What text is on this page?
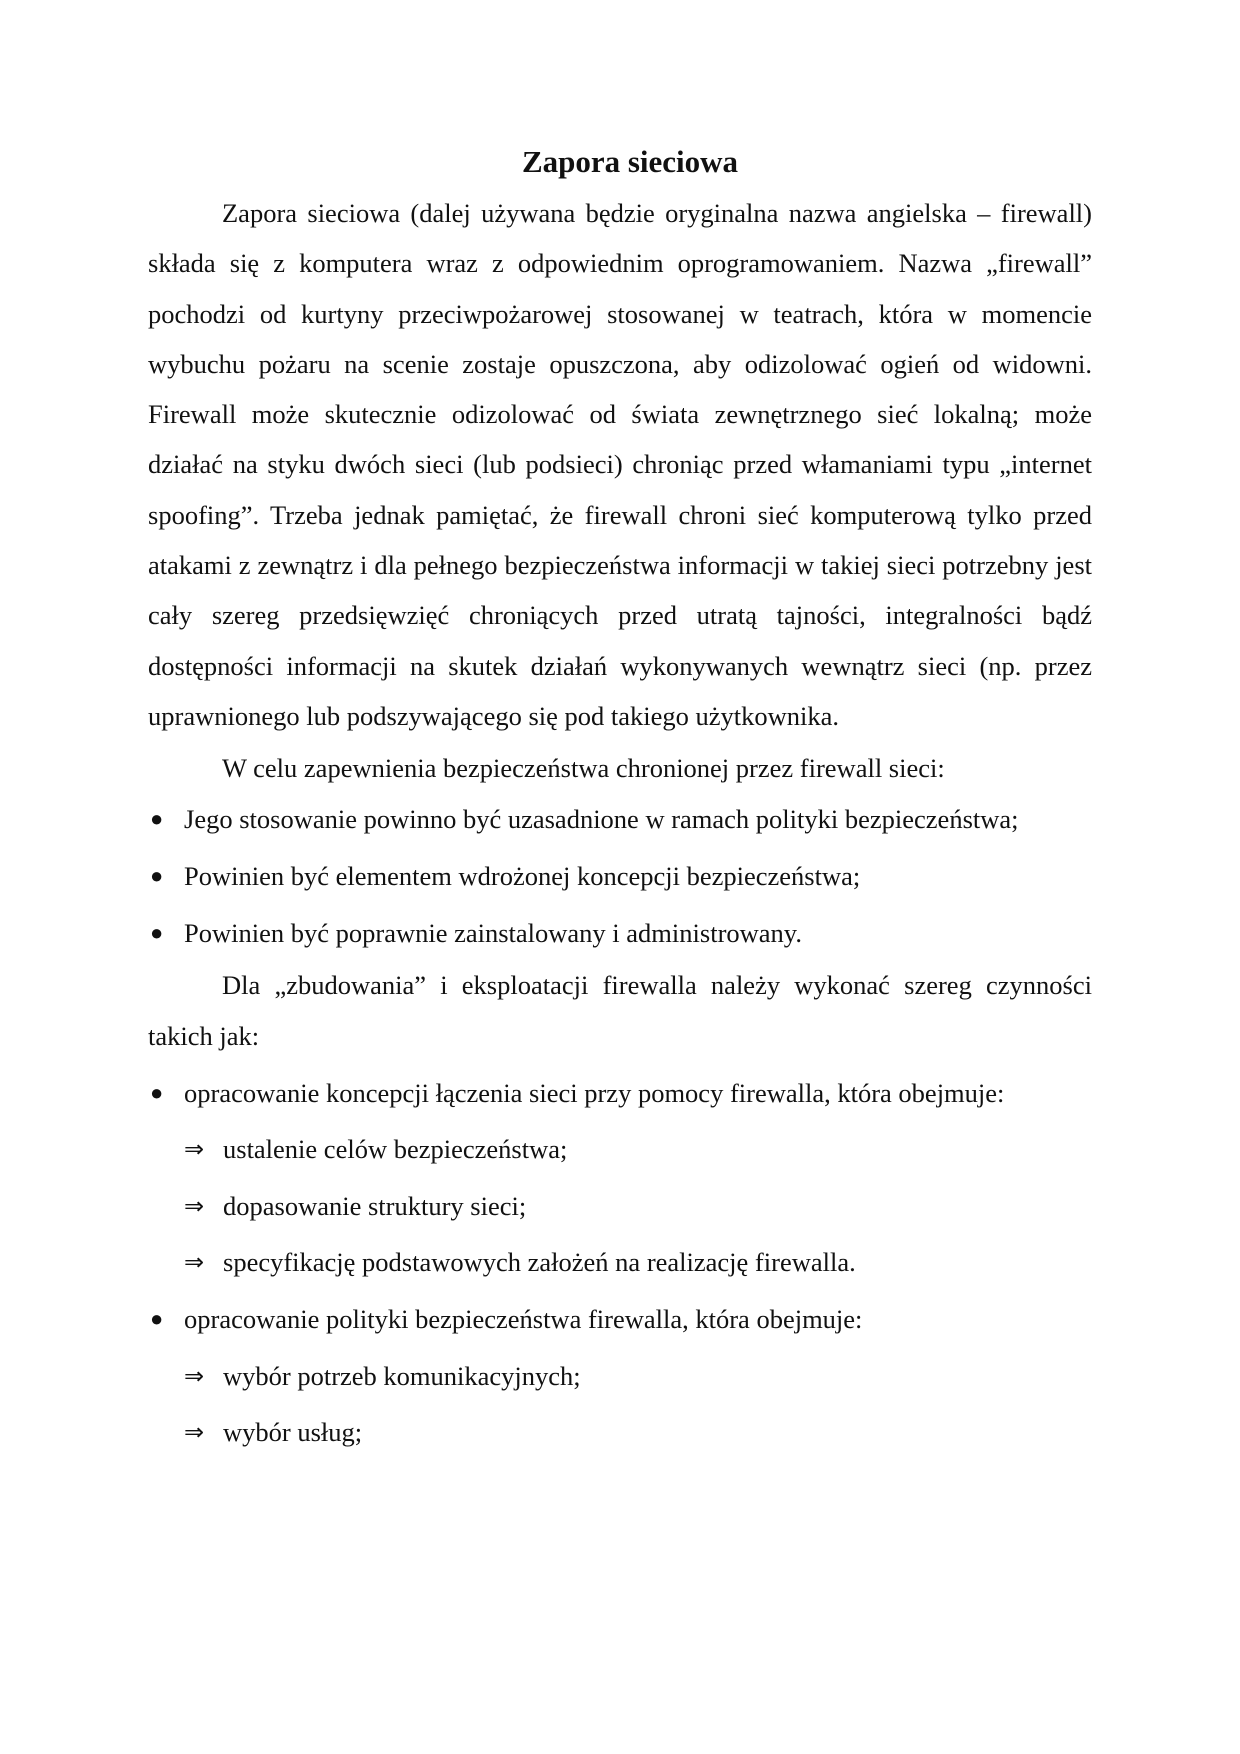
Zapora sieciowa

Zapora sieciowa (dalej używana będzie oryginalna nazwa angielska – firewall) składa się z komputera wraz z odpowiednim oprogramowaniem. Nazwa „firewall” pochodzi od kurtyny przeciwpożarowej stosowanej w teatrach, która w momencie wybuchu pożaru na scenie zostaje opuszczona, aby odizolować ogień od widowni. Firewall może skutecznie odizolować od świata zewnętrznego sieć lokalną; może działać na styku dwóch sieci (lub podsieci) chroniąc przed włamaniami typu „internet spoofing”. Trzeba jednak pamiętać, że firewall chroni sieć komputerową tylko przed atakami z zewnątrz i dla pełnego bezpieczeństwa informacji w takiej sieci potrzebny jest cały szereg przedsięwzięć chroniących przed utratą tajności, integralności bądź dostępności informacji na skutek działań wykonywanych wewnątrz sieci (np. przez uprawnionego lub podszywającego się pod takiego użytkownika.

W celu zapewnienia bezpieczeństwa chronionej przez firewall sieci:

● Jego stosowanie powinno być uzasadnione w ramach polityki bezpieczeństwa;
● Powinien być elementem wdrożonej koncepcji bezpieczeństwa;
● Powinien być poprawnie zainstalowany i administrowany.

Dla „zbudowania” i eksploatacji firewalla należy wykonać szereg czynności takich jak:

● opracowanie koncepcji łączenia sieci przy pomocy firewalla, która obejmuje:
⇒ ustalenie celów bezpieczeństwa;
⇒ dopasowanie struktury sieci;
⇒ specyfikację podstawowych założeń na realizację firewalla.
● opracowanie polityki bezpieczeństwa firewalla, która obejmuje:
⇒ wybór potrzeb komunikacyjnych;
⇒ wybór usług;
